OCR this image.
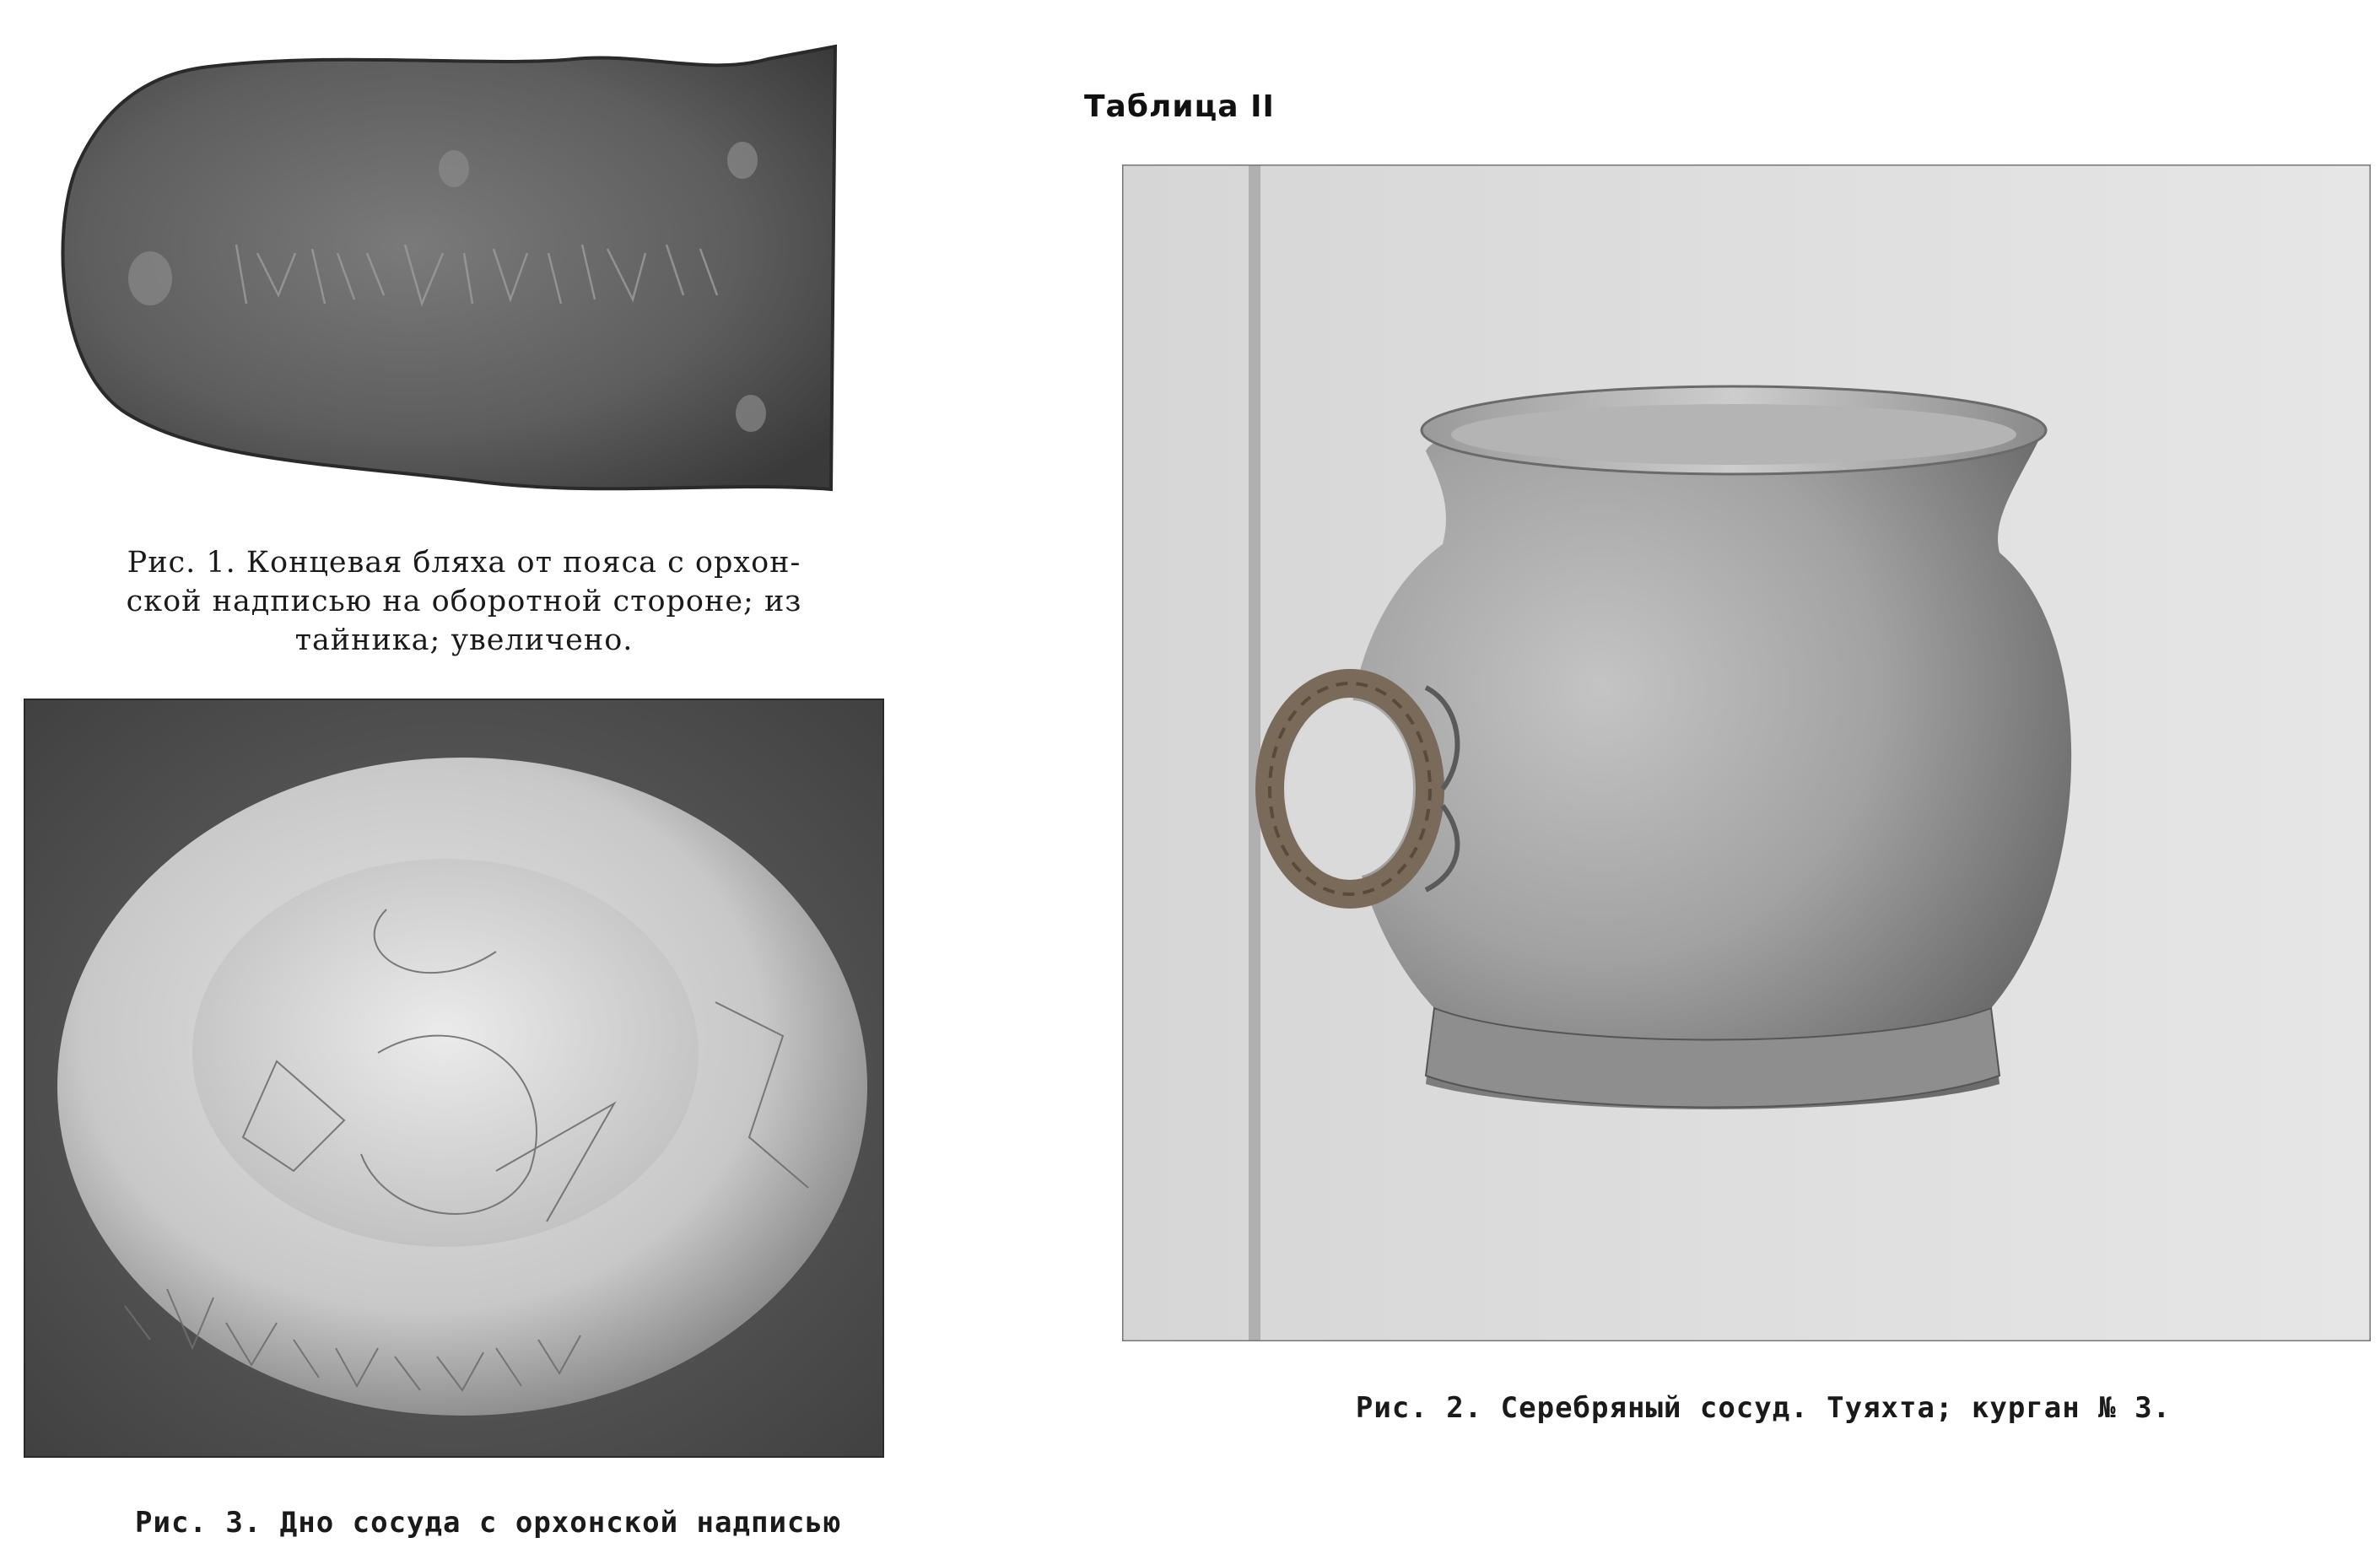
Таблица II
Рис. 1. Концевая бляха от пояса с орхон-
ской надписью на оборотной стороне; из
тайника; увеличено.
Рис. 3. Дно сосуда с орхонской надписью
Рис. 2. Серебряный сосуд. Туяхта; курган № 3.
